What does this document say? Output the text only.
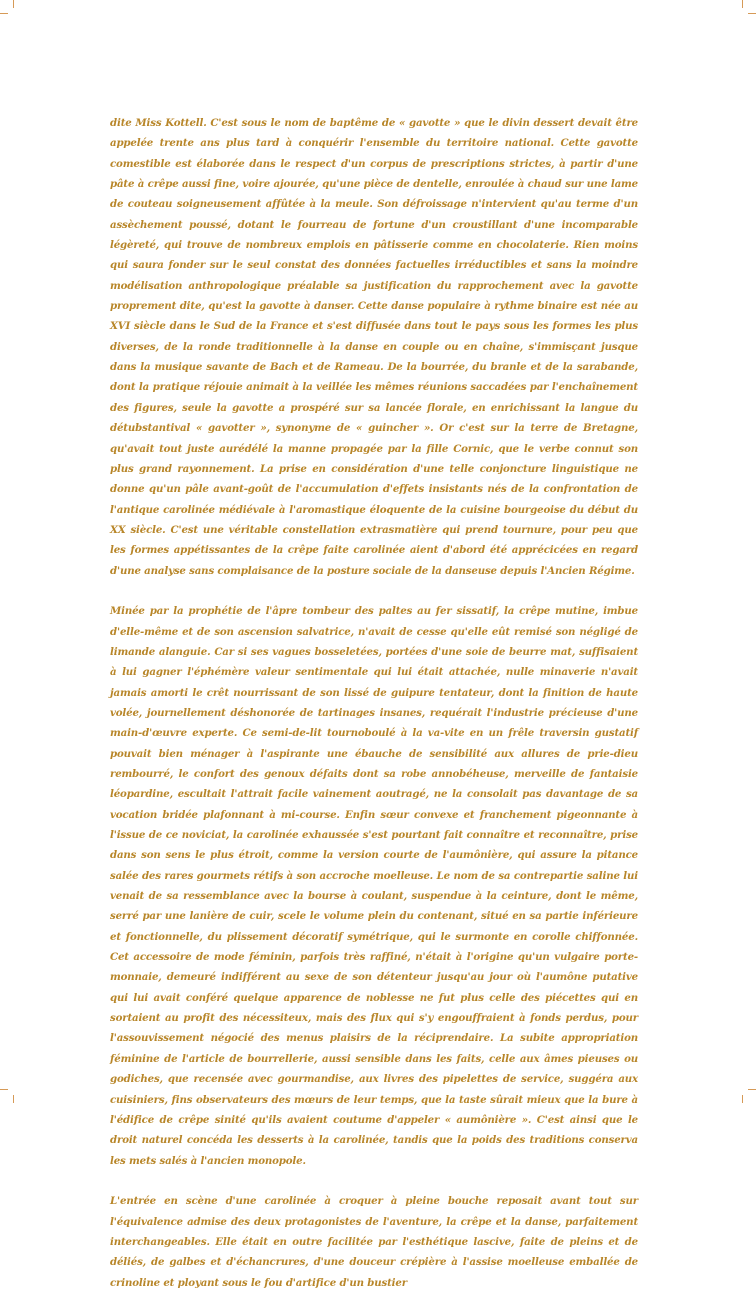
dite Miss Kottell. C'est sous le nom de baptême de « gavotte » que le divin dessert devait être appelée trente ans plus tard à conquérir l'ensemble du territoire national. Cette gavotte comestible est élaborée dans le respect d'un corpus de prescriptions strictes, à partir d'une pâte à crêpe aussi fine, voire ajourée, qu'une pièce de dentelle, enroulée à chaud sur une lame de couteau soigneusement affûtée à la meule. Son défroissage n'intervient qu'au terme d'un assèchement poussé, dotant le fourreau de fortune d'un croustillant d'une incomparable légèreté, qui trouve de nombreux emplois en pâtisserie comme en chocolaterie. Rien moins qui saura fonder sur le seul constat des données factuelles irréductibles et sans la moindre modélisation anthropologique préalable sa justification du rapprochement avec la gavotte proprement dite, qu'est la gavotte à danser. Cette danse populaire à rythme binaire est née au XVI siècle dans le Sud de la France et s'est diffusée dans tout le pays sous les formes les plus diverses, de la ronde traditionnelle à la danse en couple ou en chaîne, s'immisçant jusque dans la musique savante de Bach et de Rameau. De la bourrée, du branle et de la sarabande, dont la pratique réjouie animait à la veillée les mêmes réunions saccadées par l'enchaînement des figures, seule la gavotte a prospéré sur sa lancée florale, en enrichissant la langue du détubstantival « gavotter », synonyme de « guincher ». Or c'est sur la terre de Bretagne, qu'avait tout juste aurédélé la manne propagée par la fille Cornic, que le verbe connut son plus grand rayonnement. La prise en considération d'une telle conjoncture linguistique ne donne qu'un pâle avant-goût de l'accumulation d'effets insistants nés de la confrontation de l'antique carolinée médiévale à l'aromastique éloquente de la cuisine bourgeoise du début du XX siècle. C'est une véritable constellation extrasmatière qui prend tournure, pour peu que les formes appétissantes de la crêpe faite carolinée aient d'abord été apprécicées en regard d'une analyse sans complaisance de la posture sociale de la danseuse depuis l'Ancien Régime.

Minée par la prophétie de l'âpre tombeur des paltes au fer sissatif, la crêpe mutine, imbue d'elle-même et de son ascension salvatrice, n'avait de cesse qu'elle eût remisé son négligé de limande alanguie. Car si ses vagues bosseletées, portées d'une soie de beurre mat, suffisaient à lui gagner l'éphémère valeur sentimentale qui lui était attachée, nulle minaverie n'avait jamais amorti le crêt nourrissant de son lissé de guipure tentateur, dont la finition de haute volée, journellement déshonorée de tartinages insanes, requérait l'industrie précieuse d'une main-d'œuvre experte. Ce semi-de-lit tournoboulé à la va-vite en un frêle traversin gustatif pouvait bien ménager à l'aspirante une ébauche de sensibilité aux allures de prie-dieu rembourré, le confort des genoux défaits dont sa robe annobéheuse, merveille de fantaisie léopardine, escultait l'attrait facile vainement aoutragé, ne la consolait pas davantage de sa vocation bridée plafonnant à mi-course. Enfin sœur convexe et franchement pigeonnante à l'issue de ce noviciat, la carolinée exhaussée s'est pourtant fait connaître et reconnaître, prise dans son sens le plus étroit, comme la version courte de l'aumônière, qui assure la pitance salée des rares gourmets rétifs à son accroche moelleuse. Le nom de sa contrepartie saline lui venait de sa ressemblance avec la bourse à coulant, suspendue à la ceinture, dont le même, serré par une lanière de cuir, scele le volume plein du contenant, situé en sa partie inférieure et fonctionnelle, du plissement décoratif symétrique, qui le surmonte en corolle chiffonnée. Cet accessoire de mode féminin, parfois très raffiné, n'était à l'origine qu'un vulgaire porte-monnaie, demeuré indifférent au sexe de son détenteur jusqu'au jour où l'aumône putative qui lui avait conféré quelque apparence de noblesse ne fut plus celle des piécettes qui en sortaient au profit des nécessiteux, mais des flux qui s'y engouffraient à fonds perdus, pour l'assouvissement négocié des menus plaisirs de la réciprendaire. La subite appropriation féminine de l'article de bourrellerie, aussi sensible dans les faits, celle aux âmes pieuses ou godiches, que recensée avec gourmandise, aux livres des pipelettes de service, suggéra aux cuisiniers, fins observateurs des mœurs de leur temps, que la taste sûrait mieux que la bure à l'édifice de crêpe sinité qu'ils avaient coutume d'appeler « aumônière ». C'est ainsi que le droit naturel concéda les desserts à la carolinée, tandis que la poids des traditions conserva les mets salés à l'ancien monopole.

L'entrée en scène d'une carolinée à croquer à pleine bouche reposait avant tout sur l'équivalence admise des deux protagonistes de l'aventure, la crêpe et la danse, parfaitement interchangeables. Elle était en outre facilitée par l'esthétique lascive, faite de pleins et de déliés, de galbes et d'échancrures, d'une douceur crépière à l'assise moelleuse emballée de crinoline et ployant sous le fou d'artifice d'un bustier
